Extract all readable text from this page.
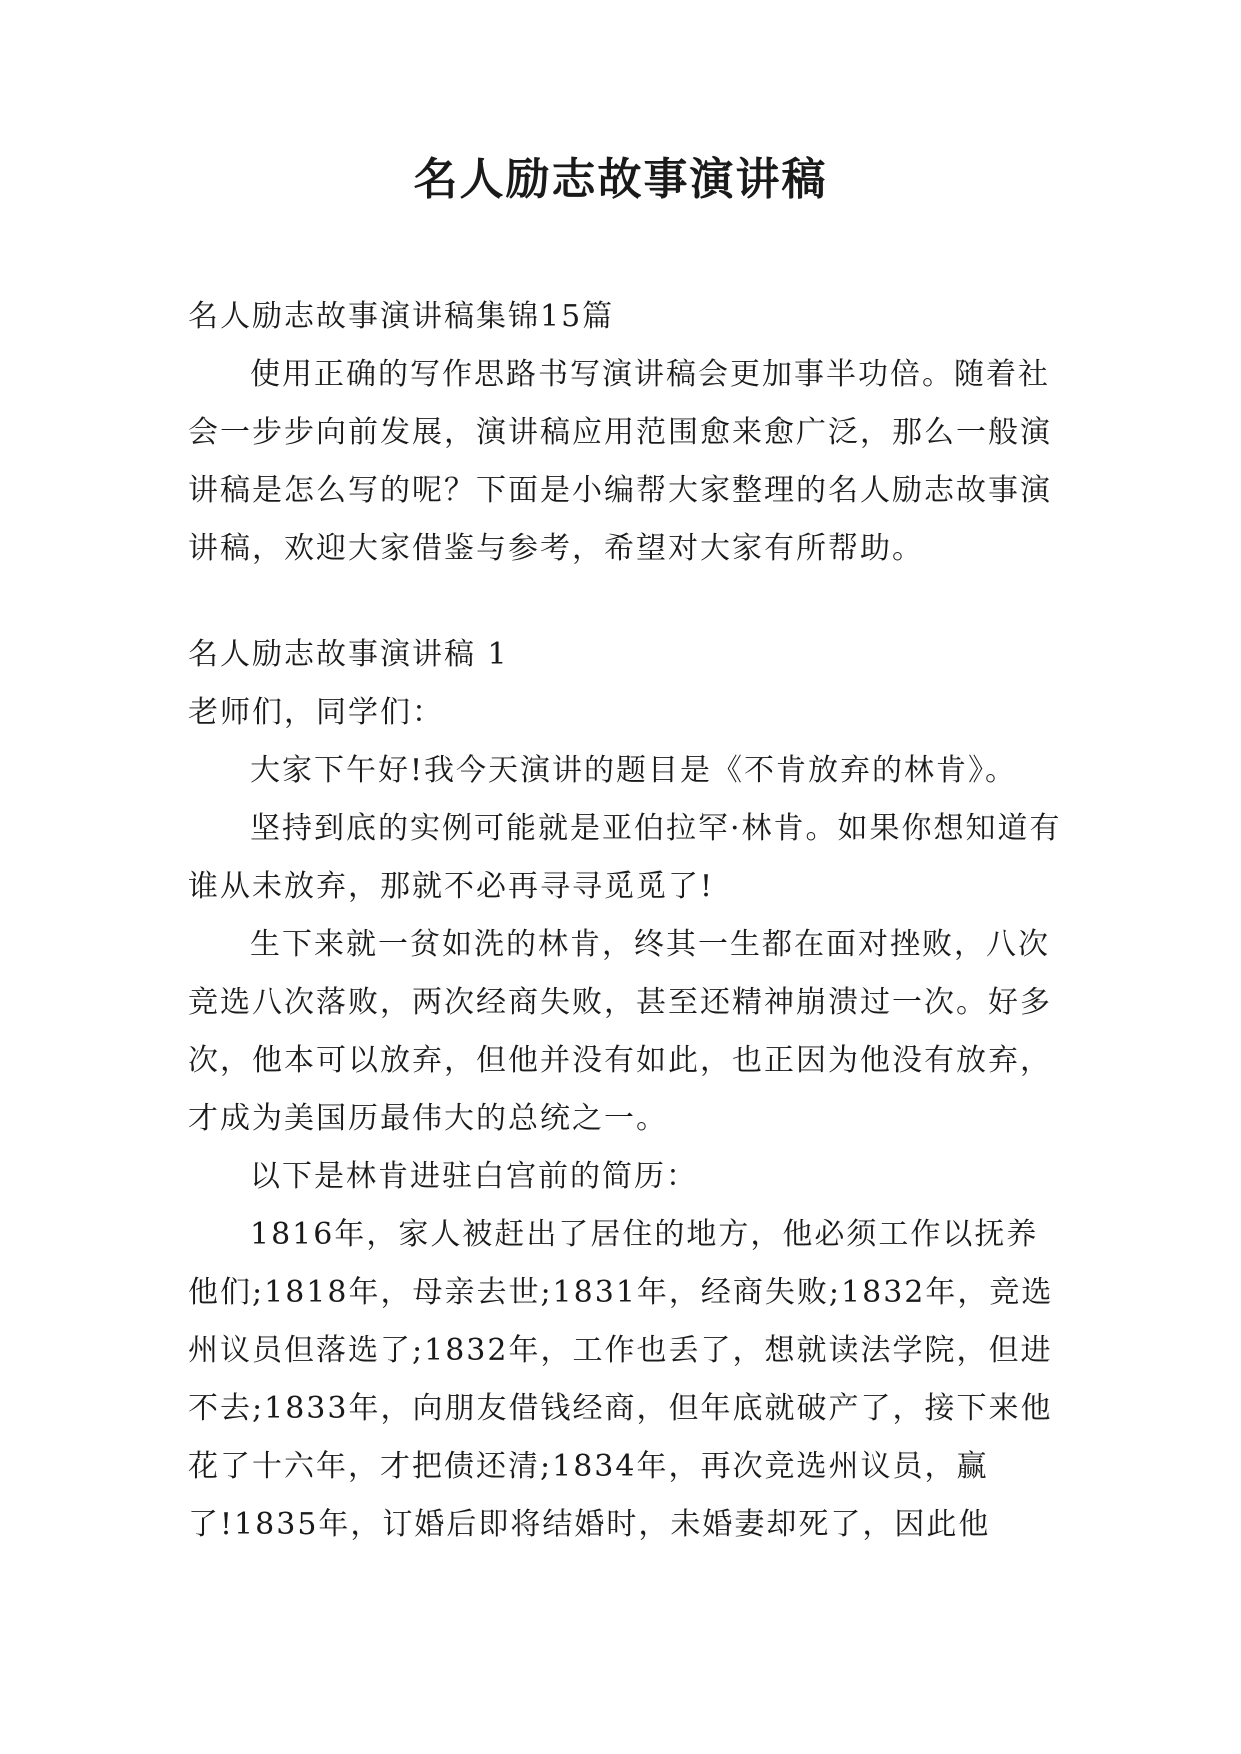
名人励志故事演讲稿

名人励志故事演讲稿集锦15篇

使用正确的写作思路书写演讲稿会更加事半功倍。随着社会一步步向前发展，演讲稿应用范围愈来愈广泛，那么一般演讲稿是怎么写的呢？下面是小编帮大家整理的名人励志故事演讲稿，欢迎大家借鉴与参考，希望对大家有所帮助。

名人励志故事演讲稿 1

老师们，同学们：

大家下午好!我今天演讲的题目是《不肯放弃的林肯》。

坚持到底的实例可能就是亚伯拉罕·林肯。如果你想知道有谁从未放弃，那就不必再寻寻觅觅了!

生下来就一贫如洗的林肯，终其一生都在面对挫败，八次竞选八次落败，两次经商失败，甚至还精神崩溃过一次。好多次，他本可以放弃，但他并没有如此，也正因为他没有放弃，才成为美国历最伟大的总统之一。

以下是林肯进驻白宫前的简历：

1816年，家人被赶出了居住的地方，他必须工作以抚养他们;1818年，母亲去世;1831年，经商失败;1832年，竞选州议员但落选了;1832年，工作也丢了，想就读法学院，但进不去;1833年，向朋友借钱经商，但年底就破产了，接下来他花了十六年，才把债还清;1834年，再次竞选州议员，赢了!1835年，订婚后即将结婚时，未婚妻却死了，因此他
